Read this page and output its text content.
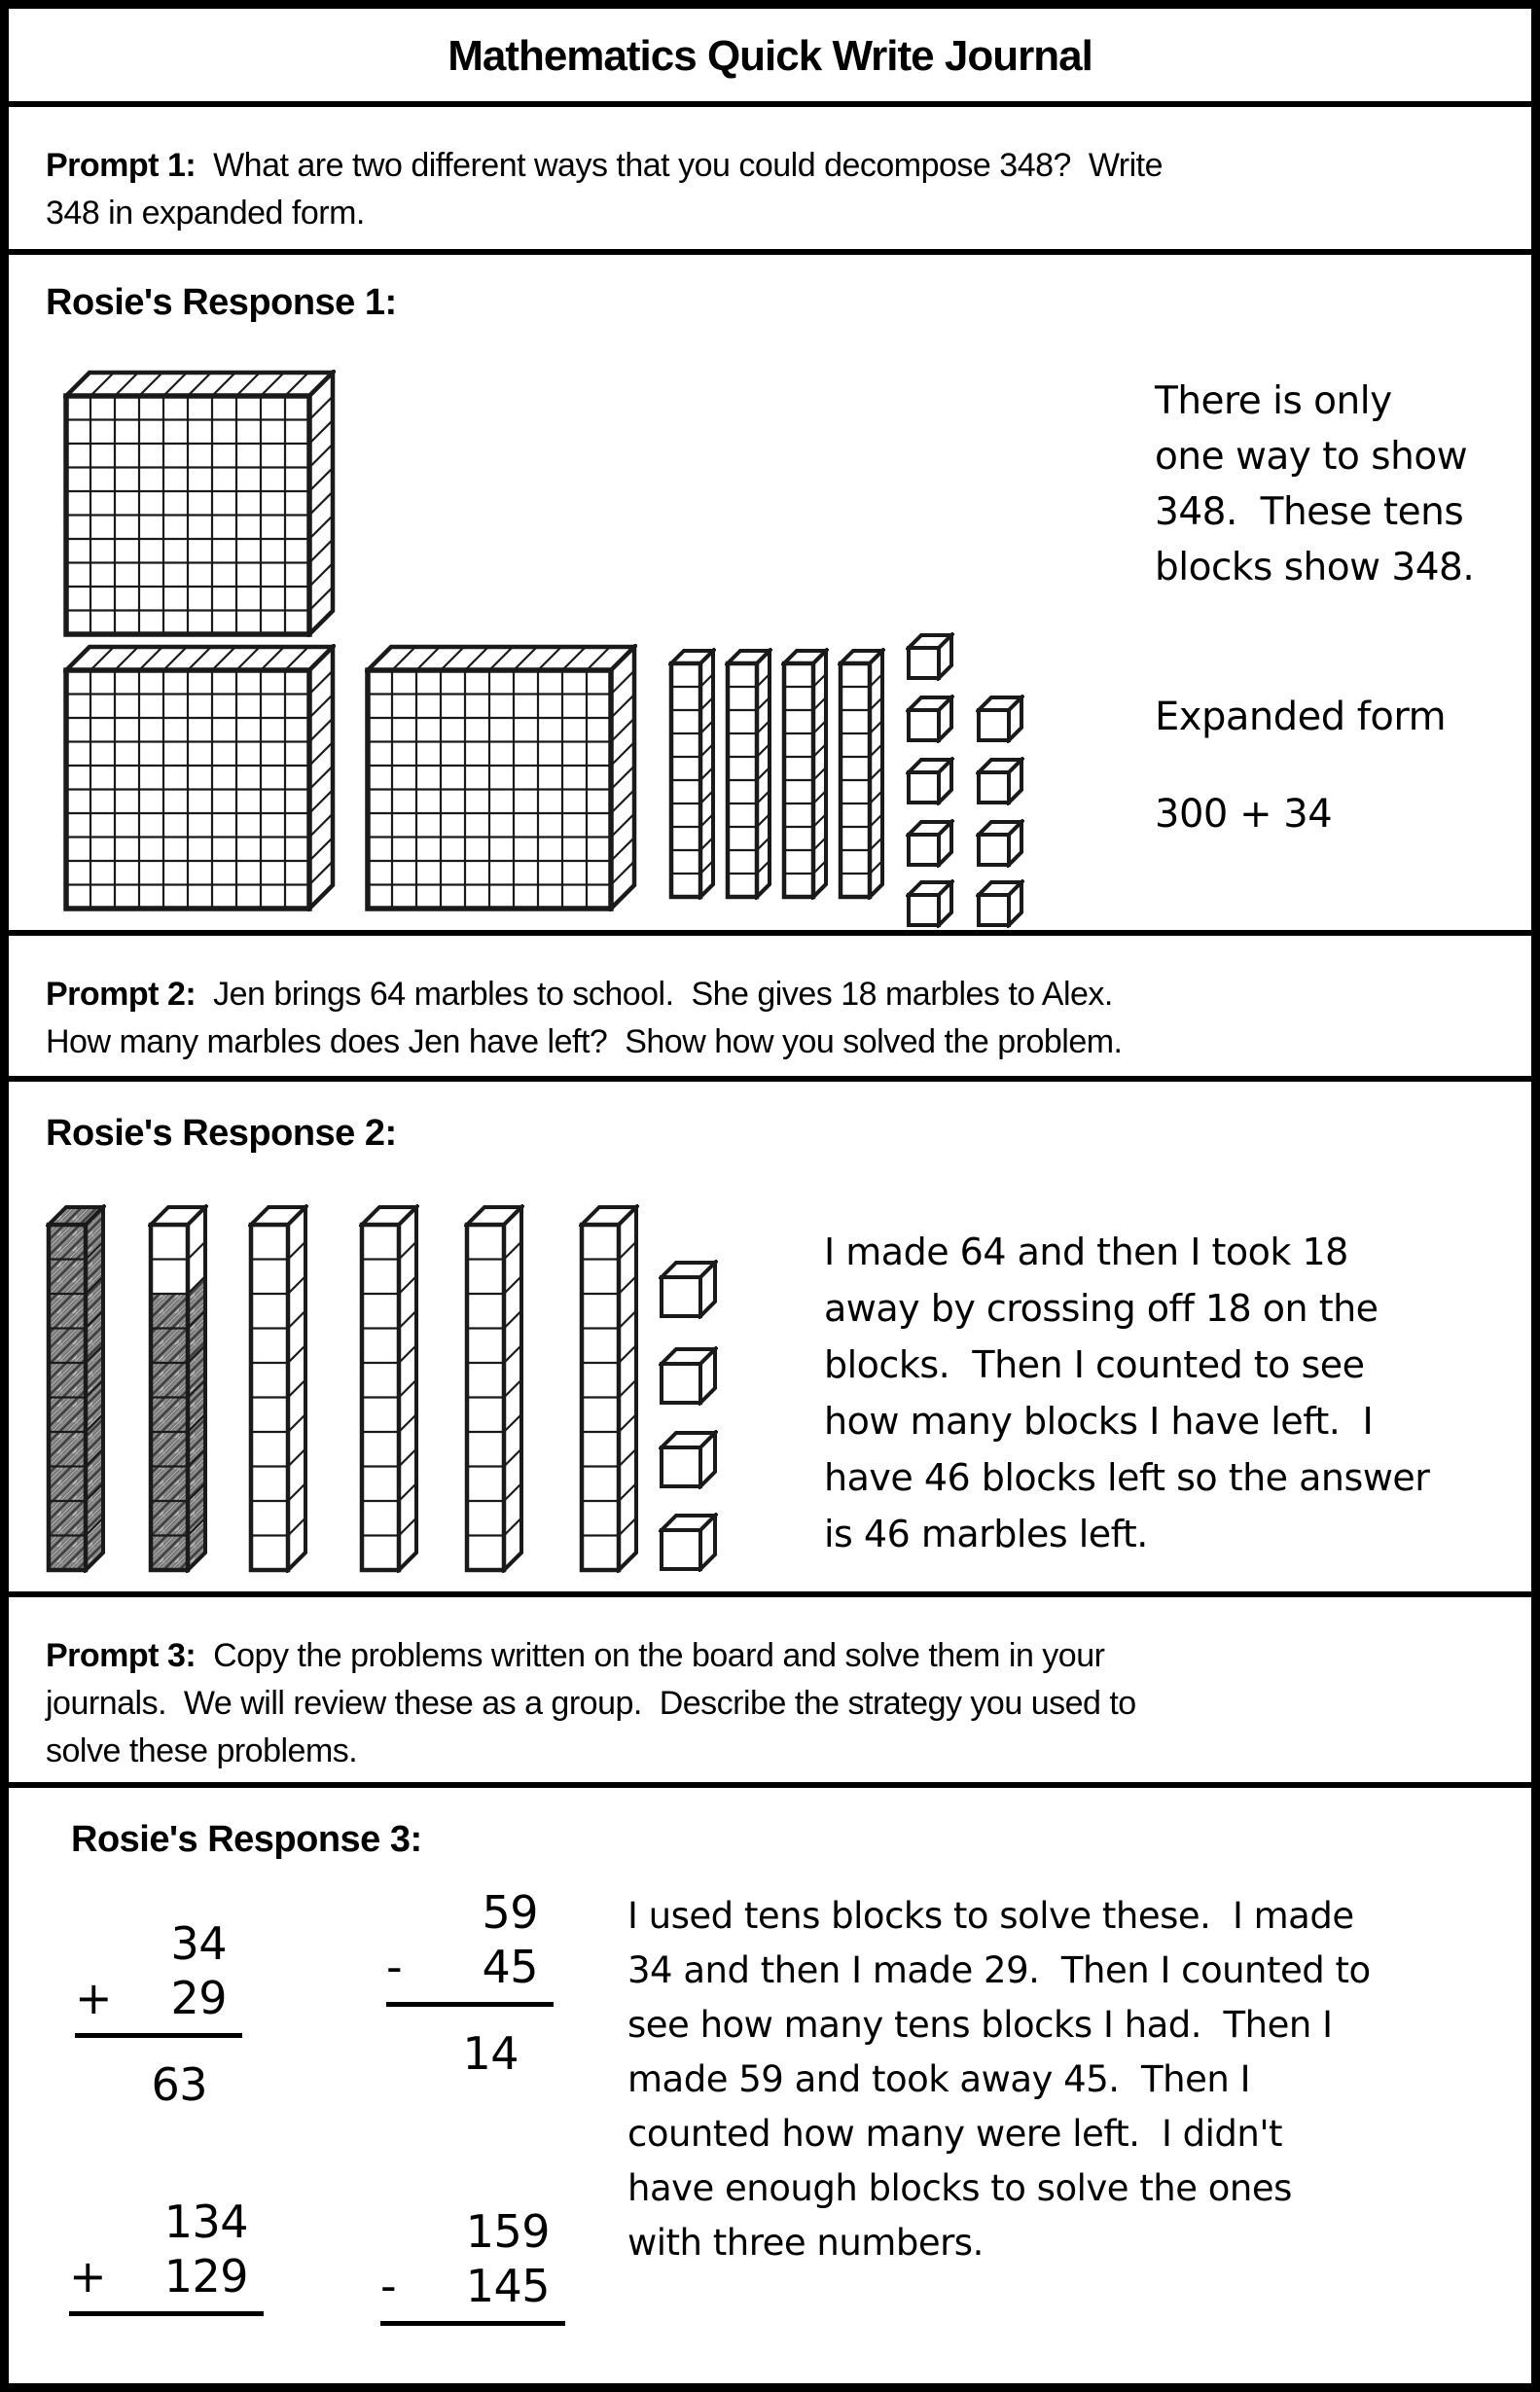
Mathematics Quick Write Journal
Prompt 1:  What are two different ways that you could decompose 348?  Write
348 in expanded form.
Rosie's Response 1:
There is only
one way to show
348.  These tens
blocks show 348.
Expanded form
300 + 34
Prompt 2:  Jen brings 64 marbles to school.  She gives 18 marbles to Alex.
How many marbles does Jen have left?  Show how you solved the problem.
Rosie's Response 2:
I made 64 and then I took 18
away by crossing off 18 on the
blocks.  Then I counted to see
how many blocks I have left.  I
have 46 blocks left so the answer
is 46 marbles left.
Prompt 3:  Copy the problems written on the board and solve them in your
journals.  We will review these as a group.  Describe the strategy you used to
solve these problems.
Rosie's Response 3:
34
+ 29
63
59
- 45
14
134
+ 129
159
- 145
I used tens blocks to solve these.  I made
34 and then I made 29.  Then I counted to
see how many tens blocks I had.  Then I
made 59 and took away 45.  Then I
counted how many were left.  I didn't
have enough blocks to solve the ones
with three numbers.
